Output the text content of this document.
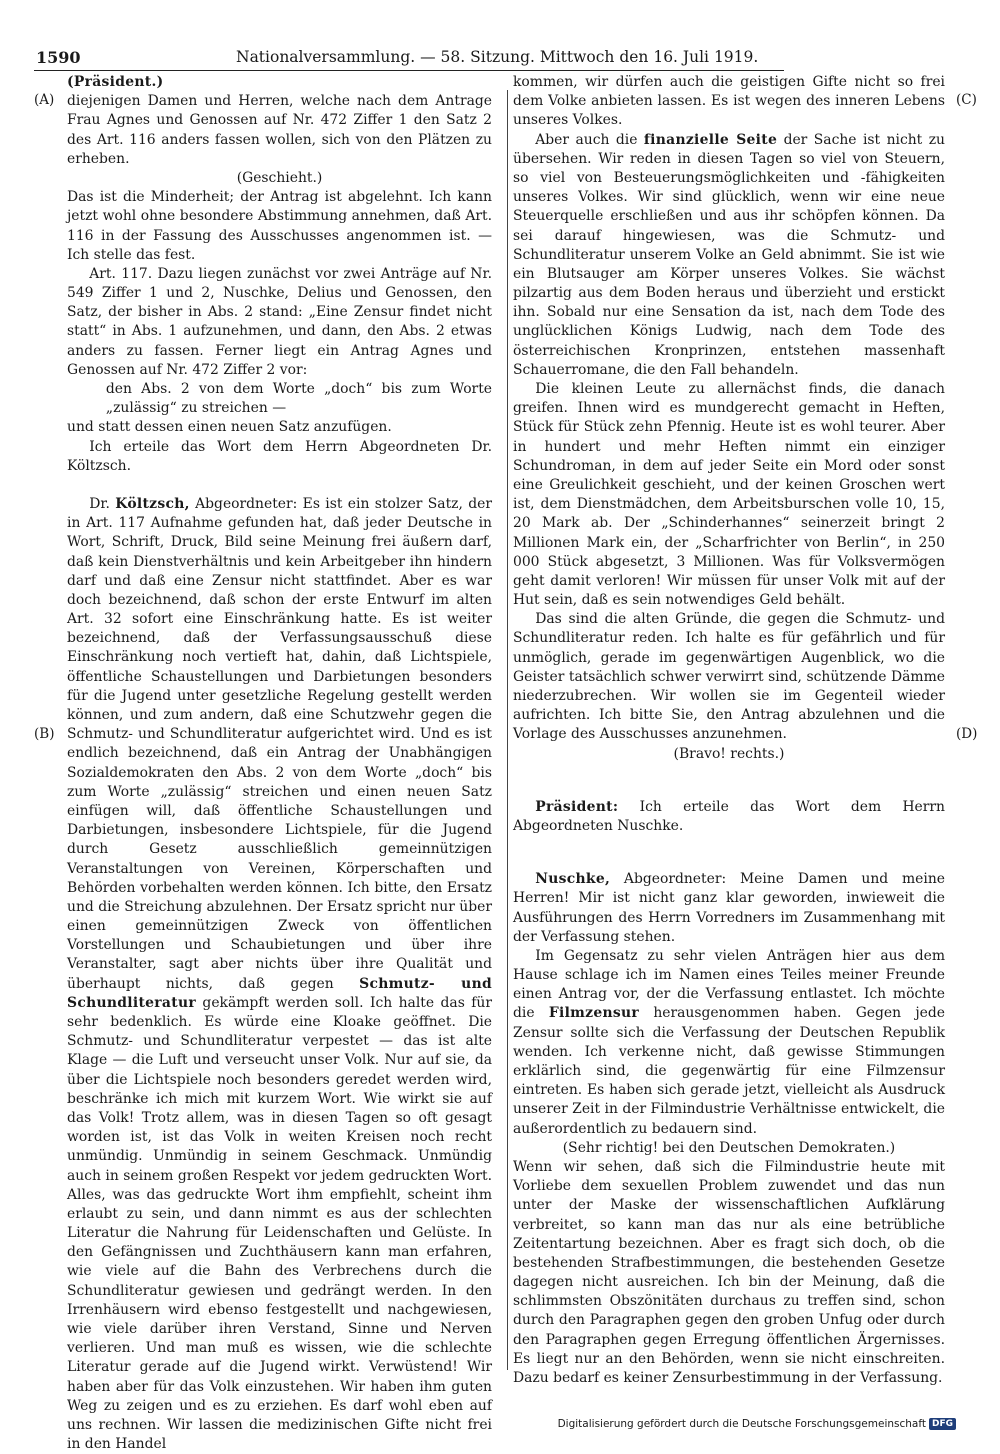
1590	Nationalversammlung. — 58. Sitzung. Mittwoch den 16. Juli 1919.
(A)
(B)
(C)
(D)

(Präsident.)

diejenigen Damen und Herren, welche nach dem Antrage Frau Agnes und Genossen auf Nr. 472 Ziffer 1 den Satz 2 des Art. 116 anders fassen wollen, sich von den Plätzen zu erheben.

(Geschieht.)

Das ist die Minderheit; der Antrag ist abgelehnt. Ich kann jetzt wohl ohne besondere Abstimmung annehmen, daß Art. 116 in der Fassung des Ausschusses angenommen ist. — Ich stelle das fest.

Art. 117. Dazu liegen zunächst vor zwei Anträge auf Nr. 549 Ziffer 1 und 2, Nuschke, Delius und Genossen, den Satz, der bisher in Abs. 2 stand: „Eine Zensur findet nicht statt“ in Abs. 1 aufzunehmen, und dann, den Abs. 2 etwas anders zu fassen. Ferner liegt ein Antrag Agnes und Genossen auf Nr. 472 Ziffer 2 vor:

den Abs. 2 von dem Worte „doch“ bis zum Worte „zulässig“ zu streichen —

und statt dessen einen neuen Satz anzufügen.

Ich erteile das Wort dem Herrn Abgeordneten Dr. Költzsch.

Dr. Költzsch, Abgeordneter: Es ist ein stolzer Satz, der in Art. 117 Aufnahme gefunden hat, daß jeder Deutsche in Wort, Schrift, Druck, Bild seine Meinung frei äußern darf, daß kein Dienstverhältnis und kein Arbeitgeber ihn hindern darf und daß eine Zensur nicht stattfindet. Aber es war doch bezeichnend, daß schon der erste Entwurf im alten Art. 32 sofort eine Einschränkung hatte. Es ist weiter bezeichnend, daß der Verfassungsausschuß diese Einschränkung noch vertieft hat, dahin, daß Lichtspiele, öffentliche Schaustellungen und Darbietungen besonders für die Jugend unter gesetzliche Regelung gestellt werden können, und zum andern, daß eine Schutzwehr gegen die Schmutz- und Schundliteratur aufgerichtet wird. Und es ist endlich bezeichnend, daß ein Antrag der Unabhängigen Sozialdemokraten den Abs. 2 von dem Worte „doch“ bis zum Worte „zulässig“ streichen und einen neuen Satz einfügen will, daß öffentliche Schaustellungen und Darbietungen, insbesondere Lichtspiele, für die Jugend durch Gesetz ausschließlich gemeinnützigen Veranstaltungen von Vereinen, Körperschaften und Behörden vorbehalten werden können. Ich bitte, den Ersatz und die Streichung abzulehnen. Der Ersatz spricht nur über einen gemeinnützigen Zweck von öffentlichen Vorstellungen und Schaubietungen und über ihre Veranstalter, sagt aber nichts über ihre Qualität und überhaupt nichts, daß gegen Schmutz- und Schundliteratur gekämpft werden soll. Ich halte das für sehr bedenklich. Es würde eine Kloake geöffnet. Die Schmutz- und Schundliteratur verpestet — das ist alte Klage — die Luft und verseucht unser Volk. Nur auf sie, da über die Lichtspiele noch besonders geredet werden wird, beschränke ich mich mit kurzem Wort. Wie wirkt sie auf das Volk! Trotz allem, was in diesen Tagen so oft gesagt worden ist, ist das Volk in weiten Kreisen noch recht unmündig. Unmündig in seinem Geschmack. Unmündig auch in seinem großen Respekt vor jedem gedruckten Wort. Alles, was das gedruckte Wort ihm empfiehlt, scheint ihm erlaubt zu sein, und dann nimmt es aus der schlechten Literatur die Nahrung für Leidenschaften und Gelüste. In den Gefängnissen und Zuchthäusern kann man erfahren, wie viele auf die Bahn des Verbrechens durch die Schundliteratur gewiesen und gedrängt werden. In den Irrenhäusern wird ebenso festgestellt und nachgewiesen, wie viele darüber ihren Verstand, Sinne und Nerven verlieren. Und man muß es wissen, wie die schlechte Literatur gerade auf die Jugend wirkt. Verwüstend! Wir haben aber für das Volk einzustehen. Wir haben ihm guten Weg zu zeigen und es zu erziehen. Es darf wohl eben auf uns rechnen. Wir lassen die medizinischen Gifte nicht frei in den Handel

kommen, wir dürfen auch die geistigen Gifte nicht so frei dem Volke anbieten lassen. Es ist wegen des inneren Lebens unseres Volkes.

Aber auch die finanzielle Seite der Sache ist nicht zu übersehen. Wir reden in diesen Tagen so viel von Steuern, so viel von Besteuerungsmöglichkeiten und -fähigkeiten unseres Volkes. Wir sind glücklich, wenn wir eine neue Steuerquelle erschließen und aus ihr schöpfen können. Da sei darauf hingewiesen, was die Schmutz- und Schundliteratur unserem Volke an Geld abnimmt. Sie ist wie ein Blutsauger am Körper unseres Volkes. Sie wächst pilzartig aus dem Boden heraus und überzieht und erstickt ihn. Sobald nur eine Sensation da ist, nach dem Tode des unglücklichen Königs Ludwig, nach dem Tode des österreichischen Kronprinzen, entstehen massenhaft Schauerromane, die den Fall behandeln.

Die kleinen Leute zu allernächst finds, die danach greifen. Ihnen wird es mundgerecht gemacht in Heften, Stück für Stück zehn Pfennig. Heute ist es wohl teurer. Aber in hundert und mehr Heften nimmt ein einziger Schundroman, in dem auf jeder Seite ein Mord oder sonst eine Greulichkeit geschieht, und der keinen Groschen wert ist, dem Dienstmädchen, dem Arbeitsburschen volle 10, 15, 20 Mark ab. Der „Schinderhannes“ seinerzeit bringt 2 Millionen Mark ein, der „Scharfrichter von Berlin“, in 250 000 Stück abgesetzt, 3 Millionen. Was für Volksvermögen geht damit verloren! Wir müssen für unser Volk mit auf der Hut sein, daß es sein notwendiges Geld behält.

Das sind die alten Gründe, die gegen die Schmutz- und Schundliteratur reden. Ich halte es für gefährlich und für unmöglich, gerade im gegenwärtigen Augenblick, wo die Geister tatsächlich schwer verwirrt sind, schützende Dämme niederzubrechen. Wir wollen sie im Gegenteil wieder aufrichten. Ich bitte Sie, den Antrag abzulehnen und die Vorlage des Ausschusses anzunehmen.

(Bravo! rechts.)

Präsident: Ich erteile das Wort dem Herrn Abgeordneten Nuschke.

Nuschke, Abgeordneter: Meine Damen und meine Herren! Mir ist nicht ganz klar geworden, inwieweit die Ausführungen des Herrn Vorredners im Zusammenhang mit der Verfassung stehen.

Im Gegensatz zu sehr vielen Anträgen hier aus dem Hause schlage ich im Namen eines Teiles meiner Freunde einen Antrag vor, der die Verfassung entlastet. Ich möchte die Filmzensur herausgenommen haben. Gegen jede Zensur sollte sich die Verfassung der Deutschen Republik wenden. Ich verkenne nicht, daß gewisse Stimmungen erklärlich sind, die gegenwärtig für eine Filmzensur eintreten. Es haben sich gerade jetzt, vielleicht als Ausdruck unserer Zeit in der Filmindustrie Verhältnisse entwickelt, die außerordentlich zu bedauern sind.

(Sehr richtig! bei den Deutschen Demokraten.)

Wenn wir sehen, daß sich die Filmindustrie heute mit Vorliebe dem sexuellen Problem zuwendet und das nun unter der Maske der wissenschaftlichen Aufklärung verbreitet, so kann man das nur als eine betrübliche Zeitentartung bezeichnen. Aber es fragt sich doch, ob die bestehenden Strafbestimmungen, die bestehenden Gesetze dagegen nicht ausreichen. Ich bin der Meinung, daß die schlimmsten Obszönitäten durchaus zu treffen sind, schon durch den Paragraphen gegen den groben Unfug oder durch den Paragraphen gegen Erregung öffentlichen Ärgernisses. Es liegt nur an den Behörden, wenn sie nicht einschreiten. Dazu bedarf es keiner Zensurbestimmung in der Verfassung.

Digitalisierung gefördert durch die Deutsche Forschungsgemeinschaft DFG
